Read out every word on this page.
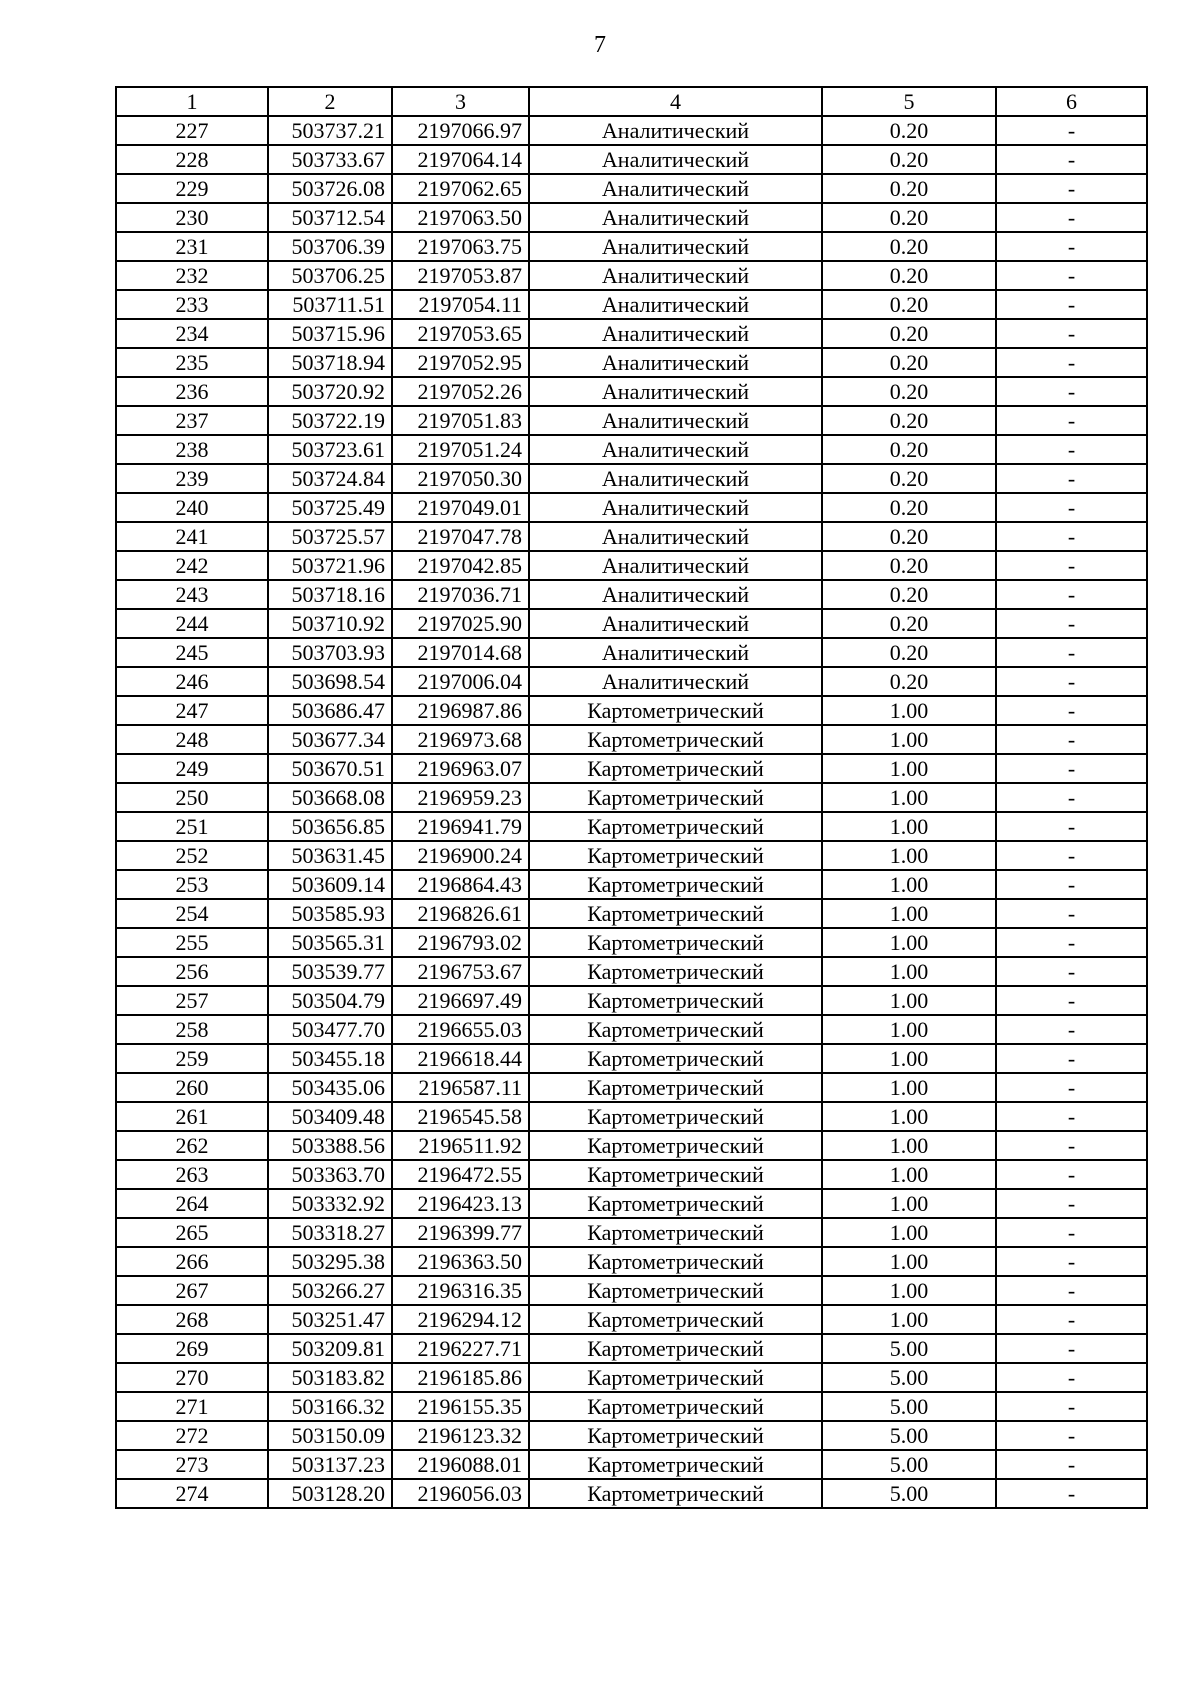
7
1	2	3	4	5	6
227	503737.21	2197066.97	Аналитический	0.20	-
228	503733.67	2197064.14	Аналитический	0.20	-
229	503726.08	2197062.65	Аналитический	0.20	-
230	503712.54	2197063.50	Аналитический	0.20	-
231	503706.39	2197063.75	Аналитический	0.20	-
232	503706.25	2197053.87	Аналитический	0.20	-
233	503711.51	2197054.11	Аналитический	0.20	-
234	503715.96	2197053.65	Аналитический	0.20	-
235	503718.94	2197052.95	Аналитический	0.20	-
236	503720.92	2197052.26	Аналитический	0.20	-
237	503722.19	2197051.83	Аналитический	0.20	-
238	503723.61	2197051.24	Аналитический	0.20	-
239	503724.84	2197050.30	Аналитический	0.20	-
240	503725.49	2197049.01	Аналитический	0.20	-
241	503725.57	2197047.78	Аналитический	0.20	-
242	503721.96	2197042.85	Аналитический	0.20	-
243	503718.16	2197036.71	Аналитический	0.20	-
244	503710.92	2197025.90	Аналитический	0.20	-
245	503703.93	2197014.68	Аналитический	0.20	-
246	503698.54	2197006.04	Аналитический	0.20	-
247	503686.47	2196987.86	Картометрический	1.00	-
248	503677.34	2196973.68	Картометрический	1.00	-
249	503670.51	2196963.07	Картометрический	1.00	-
250	503668.08	2196959.23	Картометрический	1.00	-
251	503656.85	2196941.79	Картометрический	1.00	-
252	503631.45	2196900.24	Картометрический	1.00	-
253	503609.14	2196864.43	Картометрический	1.00	-
254	503585.93	2196826.61	Картометрический	1.00	-
255	503565.31	2196793.02	Картометрический	1.00	-
256	503539.77	2196753.67	Картометрический	1.00	-
257	503504.79	2196697.49	Картометрический	1.00	-
258	503477.70	2196655.03	Картометрический	1.00	-
259	503455.18	2196618.44	Картометрический	1.00	-
260	503435.06	2196587.11	Картометрический	1.00	-
261	503409.48	2196545.58	Картометрический	1.00	-
262	503388.56	2196511.92	Картометрический	1.00	-
263	503363.70	2196472.55	Картометрический	1.00	-
264	503332.92	2196423.13	Картометрический	1.00	-
265	503318.27	2196399.77	Картометрический	1.00	-
266	503295.38	2196363.50	Картометрический	1.00	-
267	503266.27	2196316.35	Картометрический	1.00	-
268	503251.47	2196294.12	Картометрический	1.00	-
269	503209.81	2196227.71	Картометрический	5.00	-
270	503183.82	2196185.86	Картометрический	5.00	-
271	503166.32	2196155.35	Картометрический	5.00	-
272	503150.09	2196123.32	Картометрический	5.00	-
273	503137.23	2196088.01	Картометрический	5.00	-
274	503128.20	2196056.03	Картометрический	5.00	-
